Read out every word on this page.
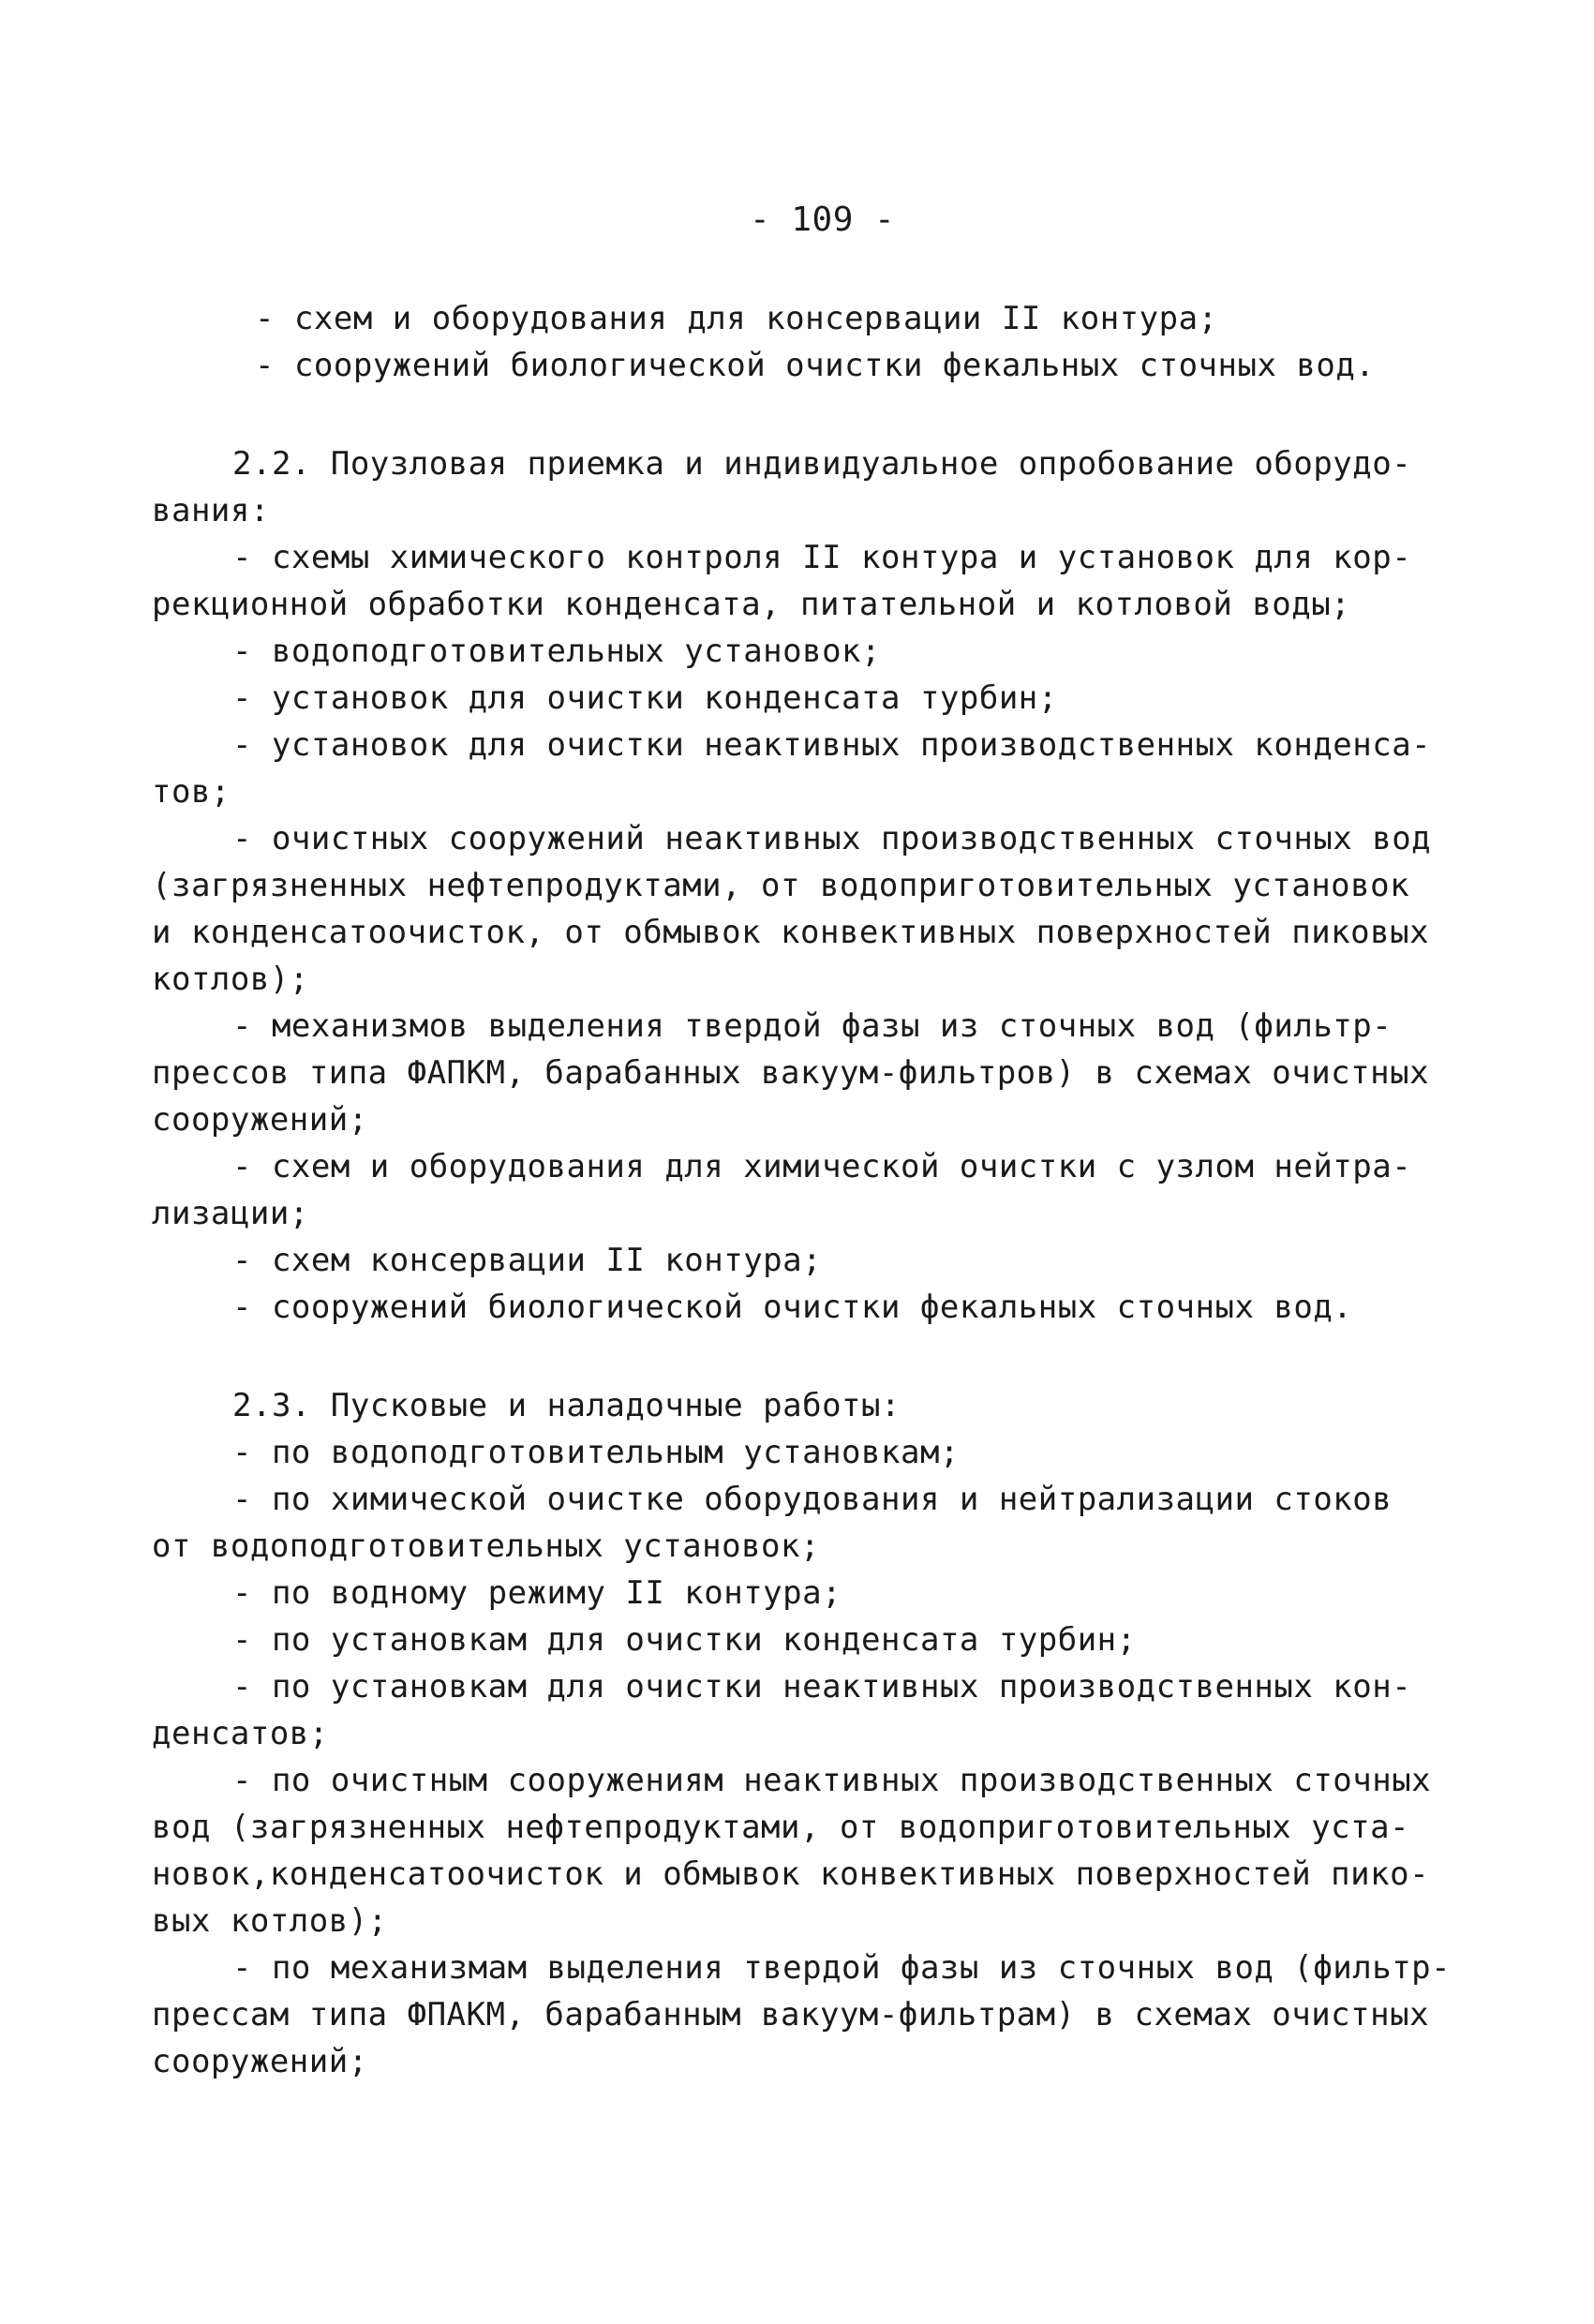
- 109 -
- схем и оборудования для консервации II контура;
- сооружений биологической очистки фекальных сточных вод.
2.2. Поузловая приемка и индивидуальное опробование оборудо-
вания:
- схемы химического контроля II контура и установок для кор-
рекционной обработки конденсата, питательной и котловой воды;
- водоподготовительных установок;
- установок для очистки конденсата турбин;
- установок для очистки неактивных производственных конденса-
тов;
- очистных сооружений неактивных производственных сточных вод
(загрязненных нефтепродуктами, от водоприготовительных установок
и конденсатоочисток, от обмывок конвективных поверхностей пиковых
котлов);
- механизмов выделения твердой фазы из сточных вод (фильтр-
прессов типа ФАПКМ, барабанных вакуум-фильтров) в схемах очистных
сооружений;
- схем и оборудования для химической очистки с узлом нейтра-
лизации;
- схем консервации II контура;
- сооружений биологической очистки фекальных сточных вод.
2.3. Пусковые и наладочные работы:
- по водоподготовительным установкам;
- по химической очистке оборудования и нейтрализации стоков
от водоподготовительных установок;
- по водному режиму II контура;
- по установкам для очистки конденсата турбин;
- по установкам для очистки неактивных производственных кон-
денсатов;
- по очистным сооружениям неактивных производственных сточных
вод (загрязненных нефтепродуктами, от водоприготовительных уста-
новок,конденсатоочисток и обмывок конвективных поверхностей пико-
вых котлов);
- по механизмам выделения твердой фазы из сточных вод (фильтр-
прессам типа ФПАКМ, барабанным вакуум-фильтрам) в схемах очистных
сооружений;
